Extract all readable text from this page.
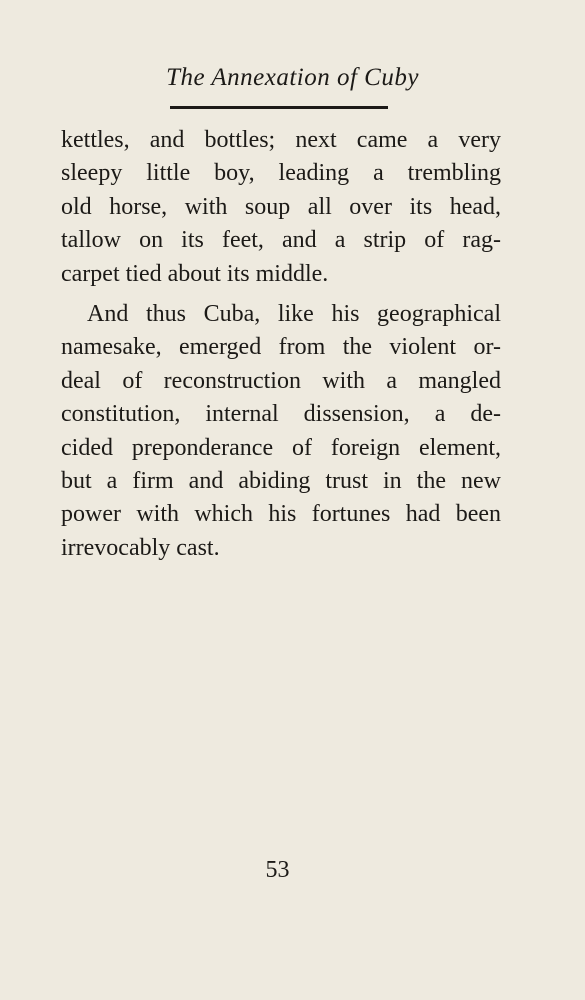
The Annexation of Cuby
kettles, and bottles; next came a very
sleepy little boy, leading a trembling
old horse, with soup all over its head,
tallow on its feet, and a strip of rag-
carpet tied about its middle.
And thus Cuba, like his geographical
namesake, emerged from the violent or-
deal of reconstruction with a mangled
constitution, internal dissension, a de-
cided preponderance of foreign element,
but a firm and abiding trust in the new
power with which his fortunes had been
irrevocably cast.
53
